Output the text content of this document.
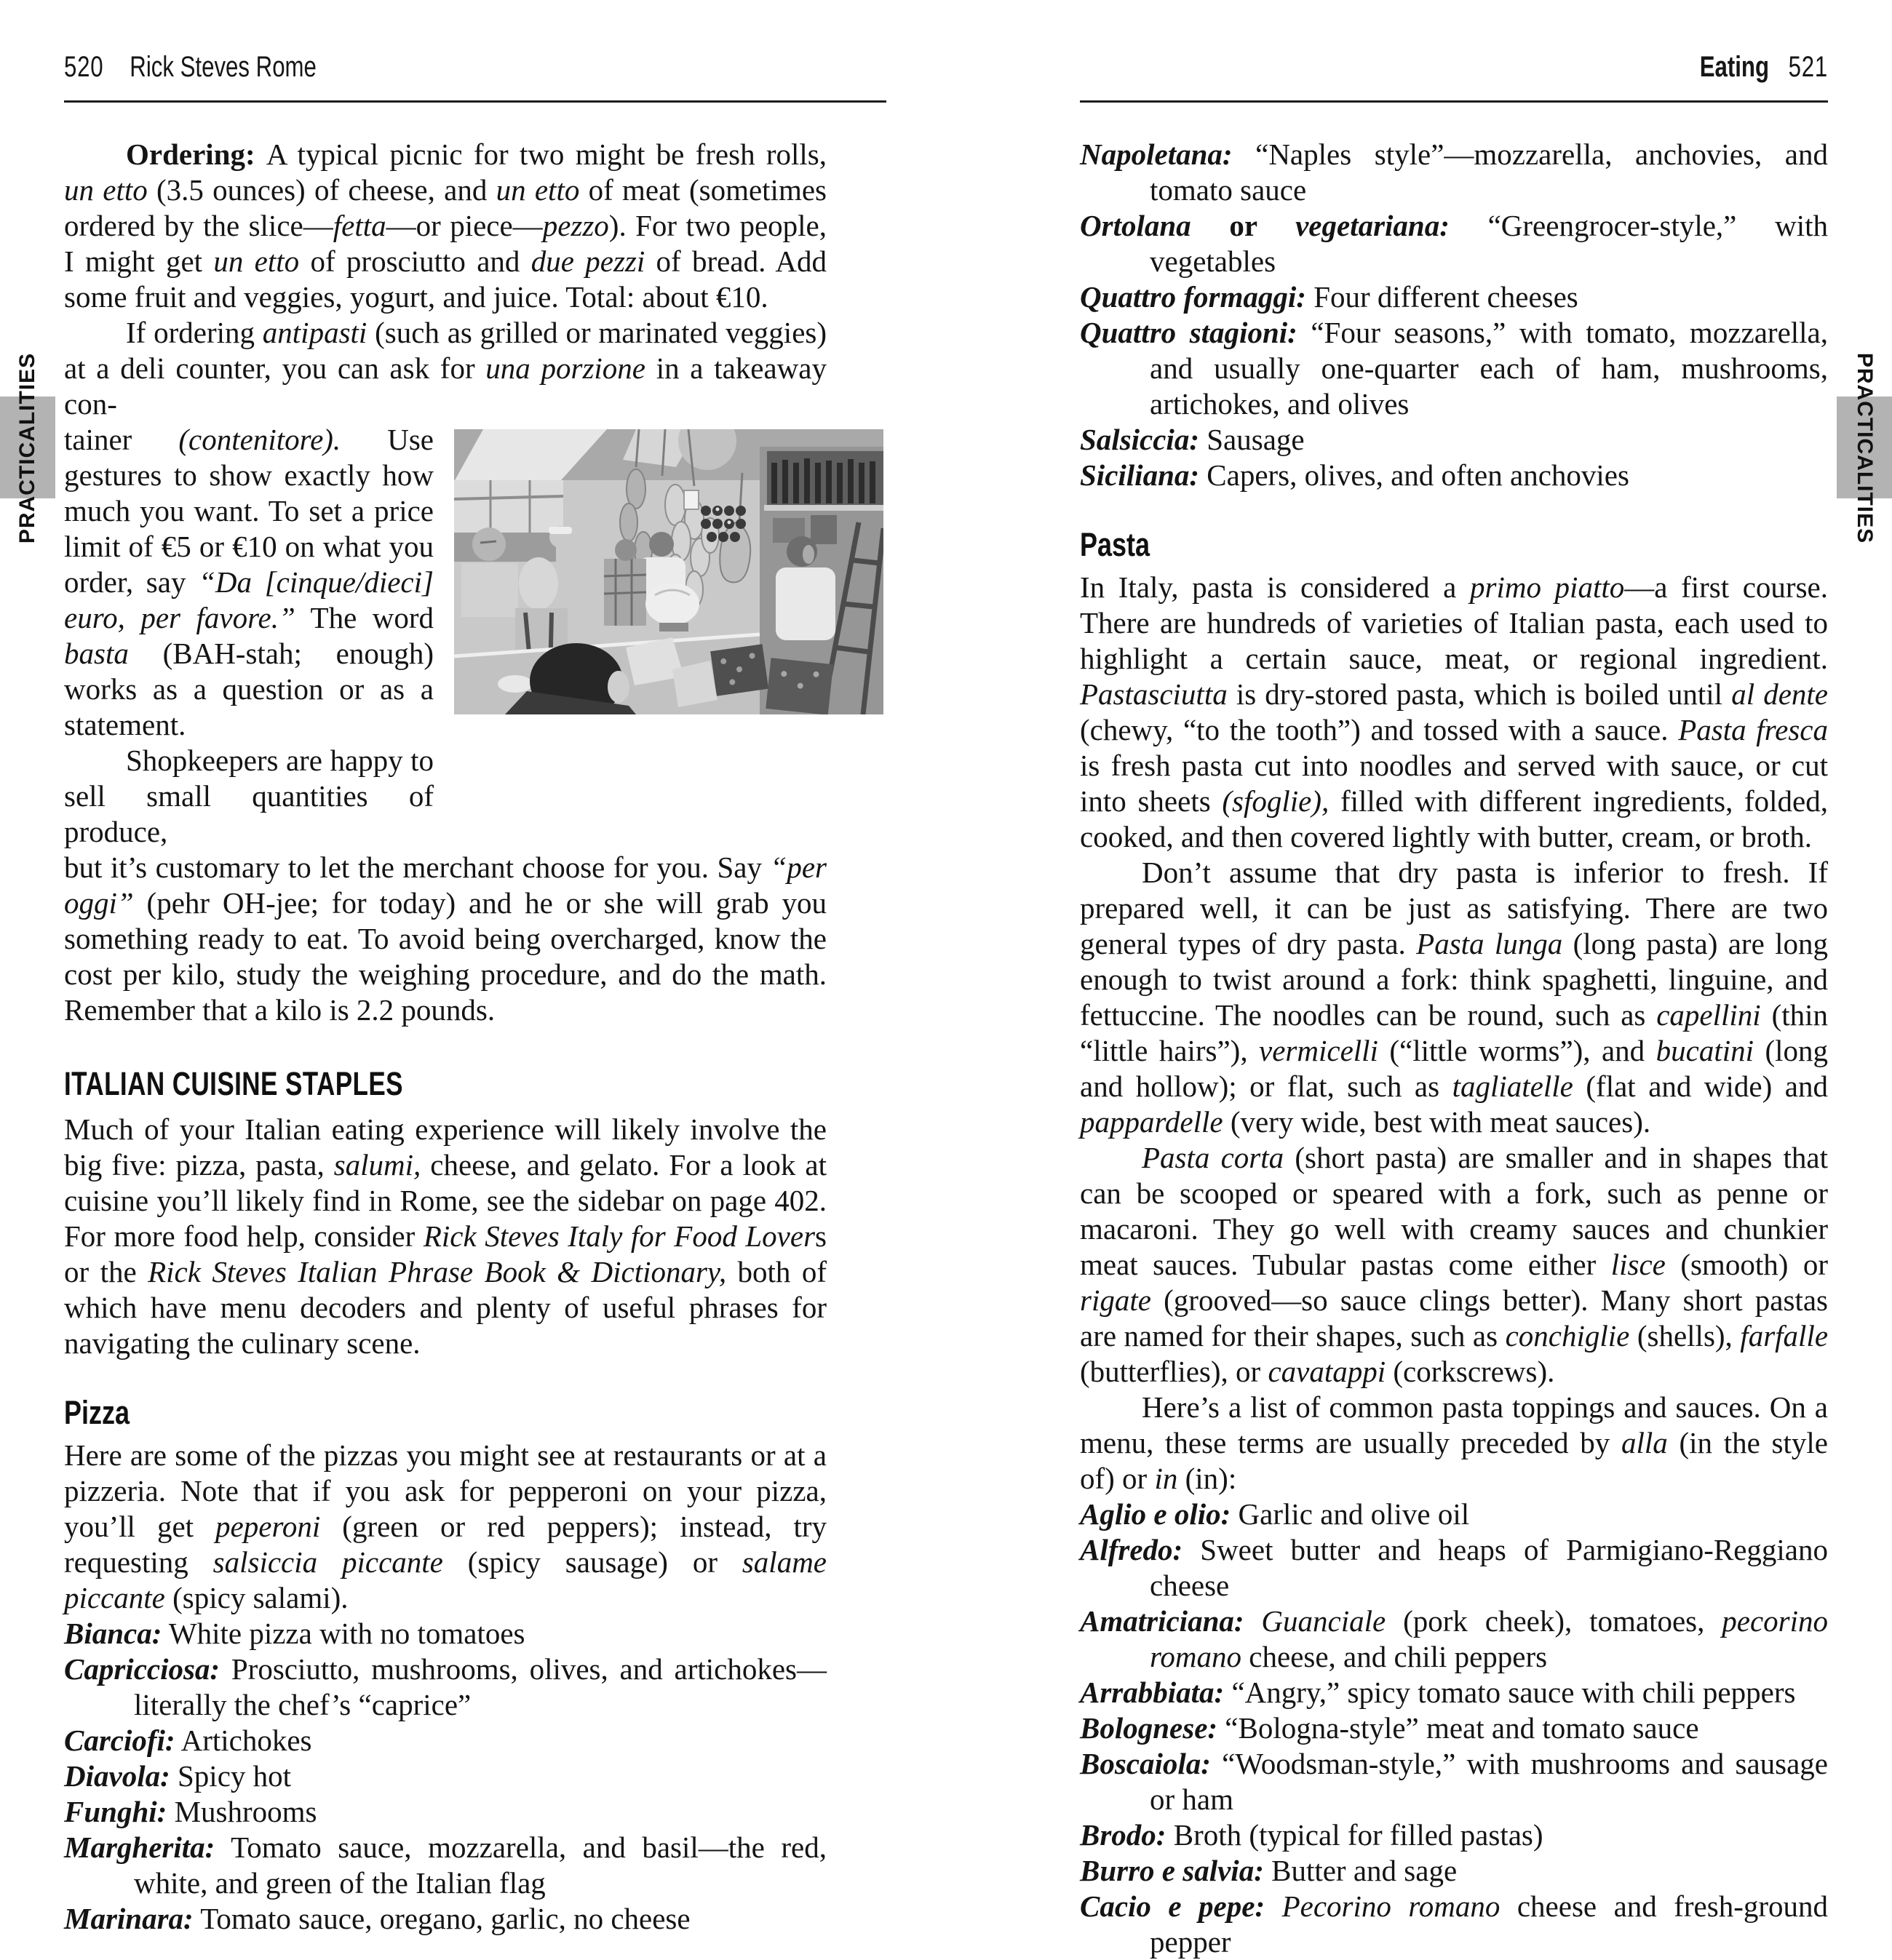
520 Rick Steves Rome
PRACTICALITIES

Ordering: A typical picnic for two might be fresh rolls, un etto (3.5 ounces) of cheese, and un etto of meat (sometimes ordered by the slice—fetta—or piece—pezzo). For two people, I might get un etto of prosciutto and due pezzi of bread. Add some fruit and veggies, yogurt, and juice. Total: about €10.

If ordering antipasti (such as grilled or marinated veggies) at a deli counter, you can ask for una porzione in a takeaway con-

tainer (contenitore). Use gestures to show exactly how much you want. To set a price limit of €5 or €10 on what you order, say “Da [cinque/dieci] euro, per favore.” The word basta (BAH-stah; enough) works as a question or as a statement.

Shopkeepers are happy to sell small quantities of produce,

but it’s customary to let the merchant choose for you. Say “per oggi” (pehr OH-jee; for today) and he or she will grab you something ready to eat. To avoid being overcharged, know the cost per kilo, study the weighing procedure, and do the math. Remember that a kilo is 2.2 pounds.

ITALIAN CUISINE STAPLES

Much of your Italian eating experience will likely involve the big five: pizza, pasta, salumi, cheese, and gelato. For a look at cuisine you’ll likely find in Rome, see the sidebar on page 402. For more food help, consider Rick Steves Italy for Food Lovers or the Rick Steves Italian Phrase Book & Dictionary, both of which have menu decoders and plenty of useful phrases for navigating the culinary scene.

Pizza

Here are some of the pizzas you might see at restaurants or at a pizzeria. Note that if you ask for pepperoni on your pizza, you’ll get peperoni (green or red peppers); instead, try requesting salsiccia piccante (spicy sausage) or salame piccante (spicy salami).

Bianca: White pizza with no tomatoes
Capricciosa: Prosciutto, mushrooms, olives, and artichokes—literally the chef’s “caprice”
Carciofi: Artichokes
Diavola: Spicy hot
Funghi: Mushrooms
Margherita: Tomato sauce, mozzarella, and basil—the red, white, and green of the Italian flag
Marinara: Tomato sauce, oregano, garlic, no cheese
Eating 521
PRACTICALITIES
Napoletana: “Naples style”—mozzarella, anchovies, and tomato sauce
Ortolana or vegetariana: “Greengrocer-style,” with vegetables
Quattro formaggi: Four different cheeses
Quattro stagioni: “Four seasons,” with tomato, mozzarella, and usually one-quarter each of ham, mushrooms, artichokes, and olives
Salsiccia: Sausage
Siciliana: Capers, olives, and often anchovies
Pasta

In Italy, pasta is considered a primo piatto—a first course. There are hundreds of varieties of Italian pasta, each used to highlight a certain sauce, meat, or regional ingredient. Pastasciutta is dry-stored pasta, which is boiled until al dente (chewy, “to the tooth”) and tossed with a sauce. Pasta fresca is fresh pasta cut into noodles and served with sauce, or cut into sheets (sfoglie), filled with different ingredients, folded, cooked, and then covered lightly with butter, cream, or broth.

Don’t assume that dry pasta is inferior to fresh. If prepared well, it can be just as satisfying. There are two general types of dry pasta. Pasta lunga (long pasta) are long enough to twist around a fork: think spaghetti, linguine, and fettuccine. The noodles can be round, such as capellini (thin “little hairs”), vermicelli (“little worms”), and bucatini (long and hollow); or flat, such as tagliatelle (flat and wide) and pappardelle (very wide, best with meat sauces).

Pasta corta (short pasta) are smaller and in shapes that can be scooped or speared with a fork, such as penne or macaroni. They go well with creamy sauces and chunkier meat sauces. Tubular pastas come either lisce (smooth) or rigate (grooved—so sauce clings better). Many short pastas are named for their shapes, such as conchiglie (shells), farfalle (butterflies), or cavatappi (corkscrews).

Here’s a list of common pasta toppings and sauces. On a menu, these terms are usually preceded by alla (in the style of) or in (in):

Aglio e olio: Garlic and olive oil
Alfredo: Sweet butter and heaps of Parmigiano-Reggiano cheese
Amatriciana: Guanciale (pork cheek), tomatoes, pecorino romano cheese, and chili peppers
Arrabbiata: “Angry,” spicy tomato sauce with chili peppers
Bolognese: “Bologna-style” meat and tomato sauce
Boscaiola: “Woodsman-style,” with mushrooms and sausage or ham
Brodo: Broth (typical for filled pastas)
Burro e salvia: Butter and sage
Cacio e pepe: Pecorino romano cheese and fresh-ground pepper
